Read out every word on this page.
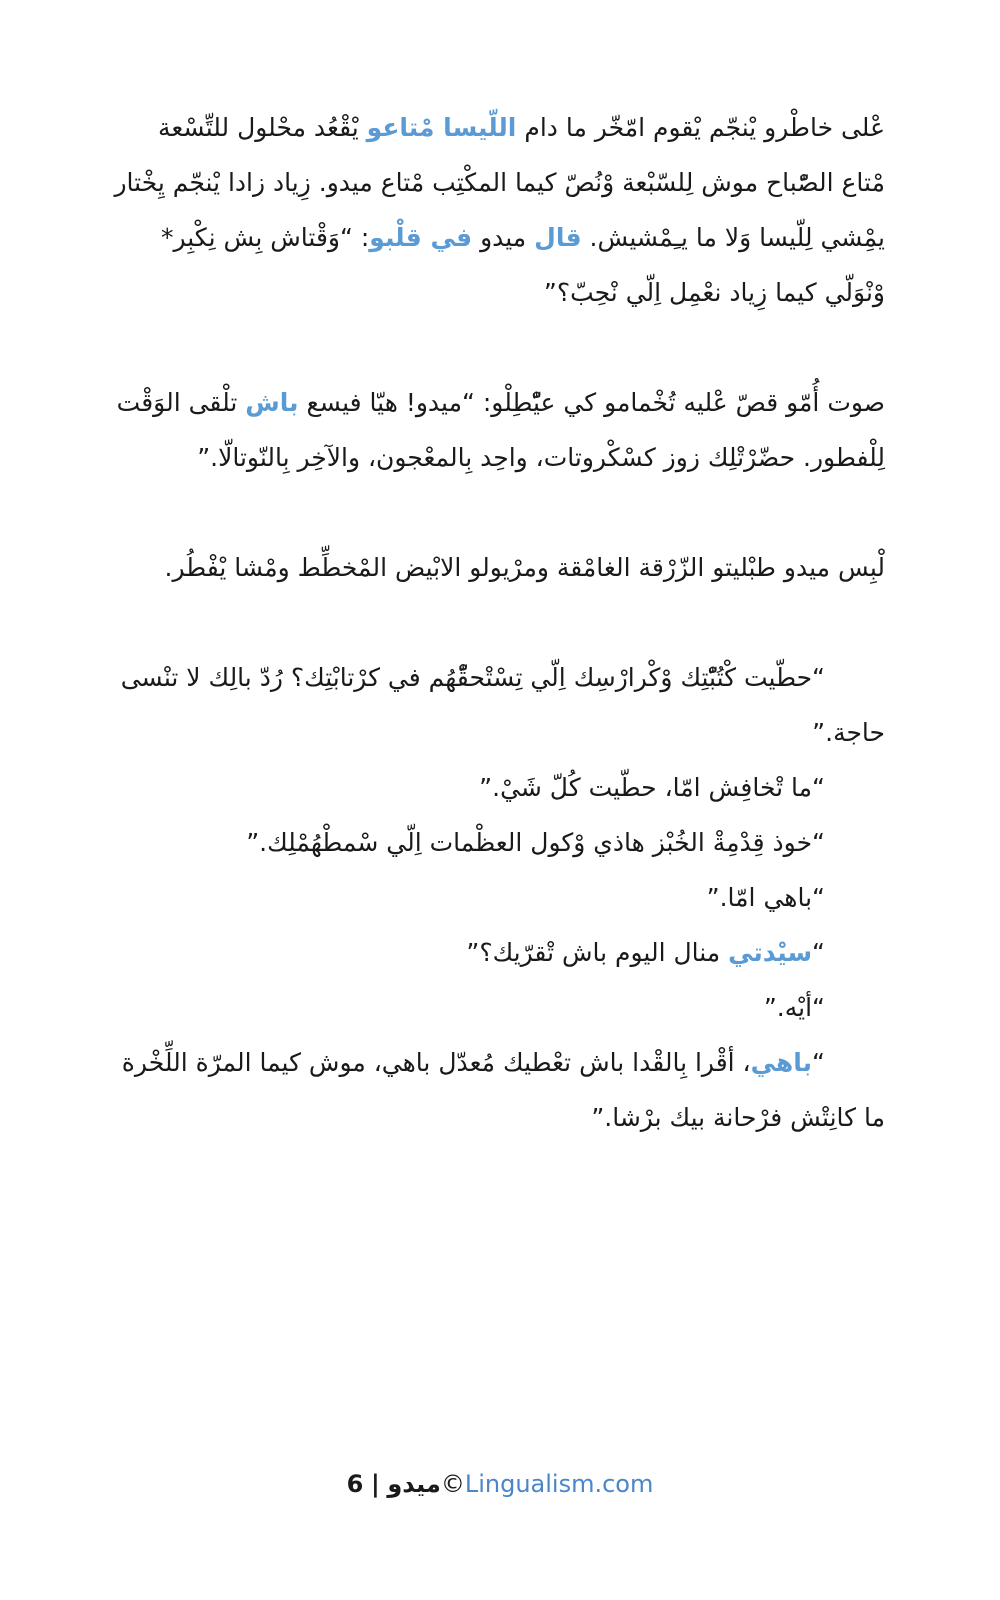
عْلى خاطْرو يْنجّم يْقوم امّخّر ما دام اللّيسا مْتاعو يْقْعُد محْلول للتِّسْعة مْتاع الصّْباح موش لِلسّبْعة وْنُصّ كيما المكْتِب مْتاع ميدو. زِياد زادا يْنجّم يِخْتار يمِْشي لِلّيسا وَلا ما يـِمْشيش. قال ميدو في قلْبو: “وَقْتاش بِش نِكْبِر* وْنْوَلّي كيما زِياد نعْمِل اِلّي نْحِبّ؟”

صوت أُمّو قصّ عْليه تُخْمامو كي عيّْطِلْو: “ميدو! هيّا فيسع باش تلْقى الوَقْت لِلْفطور. حضّرْتْلِك زوز كسْكْروتات، واحِد بِالمعْجون، والآخِر بِالنّوتالّا.”

لْبِس ميدو طبْليتو الزّرْقة الغامْقة ومرْيولو الابْيض المْخطِّط ومْشا يْفْطُر.

“حطّيت كْتُبّْتِك وْكْرارْسِك اِلّي تِسْتْحقّْهُم في كرْتابْتِك؟ رُدّ بالِك لا تنْسى حاجة.”

“ما تْخافِش امّا، حطّيت كُلّ شَيْ.”

“خوذ قِدْمِةْ الخُبْز هاذي وْكول العظْمات اِلّي سْمطْهُمْلِك.”

“باهي امّا.”

“سيْدتي منال اليوم باش تْقرّيك؟”

“أيْه.”

“باهي، أقْرا بِالقْدا باش تعْطيك مُعدّل باهي، موش كيما المرّة اللِّخْرة ما كانِتْش فرْحانة بيك برْشا.”

6 | ميدو©Lingualism.com
